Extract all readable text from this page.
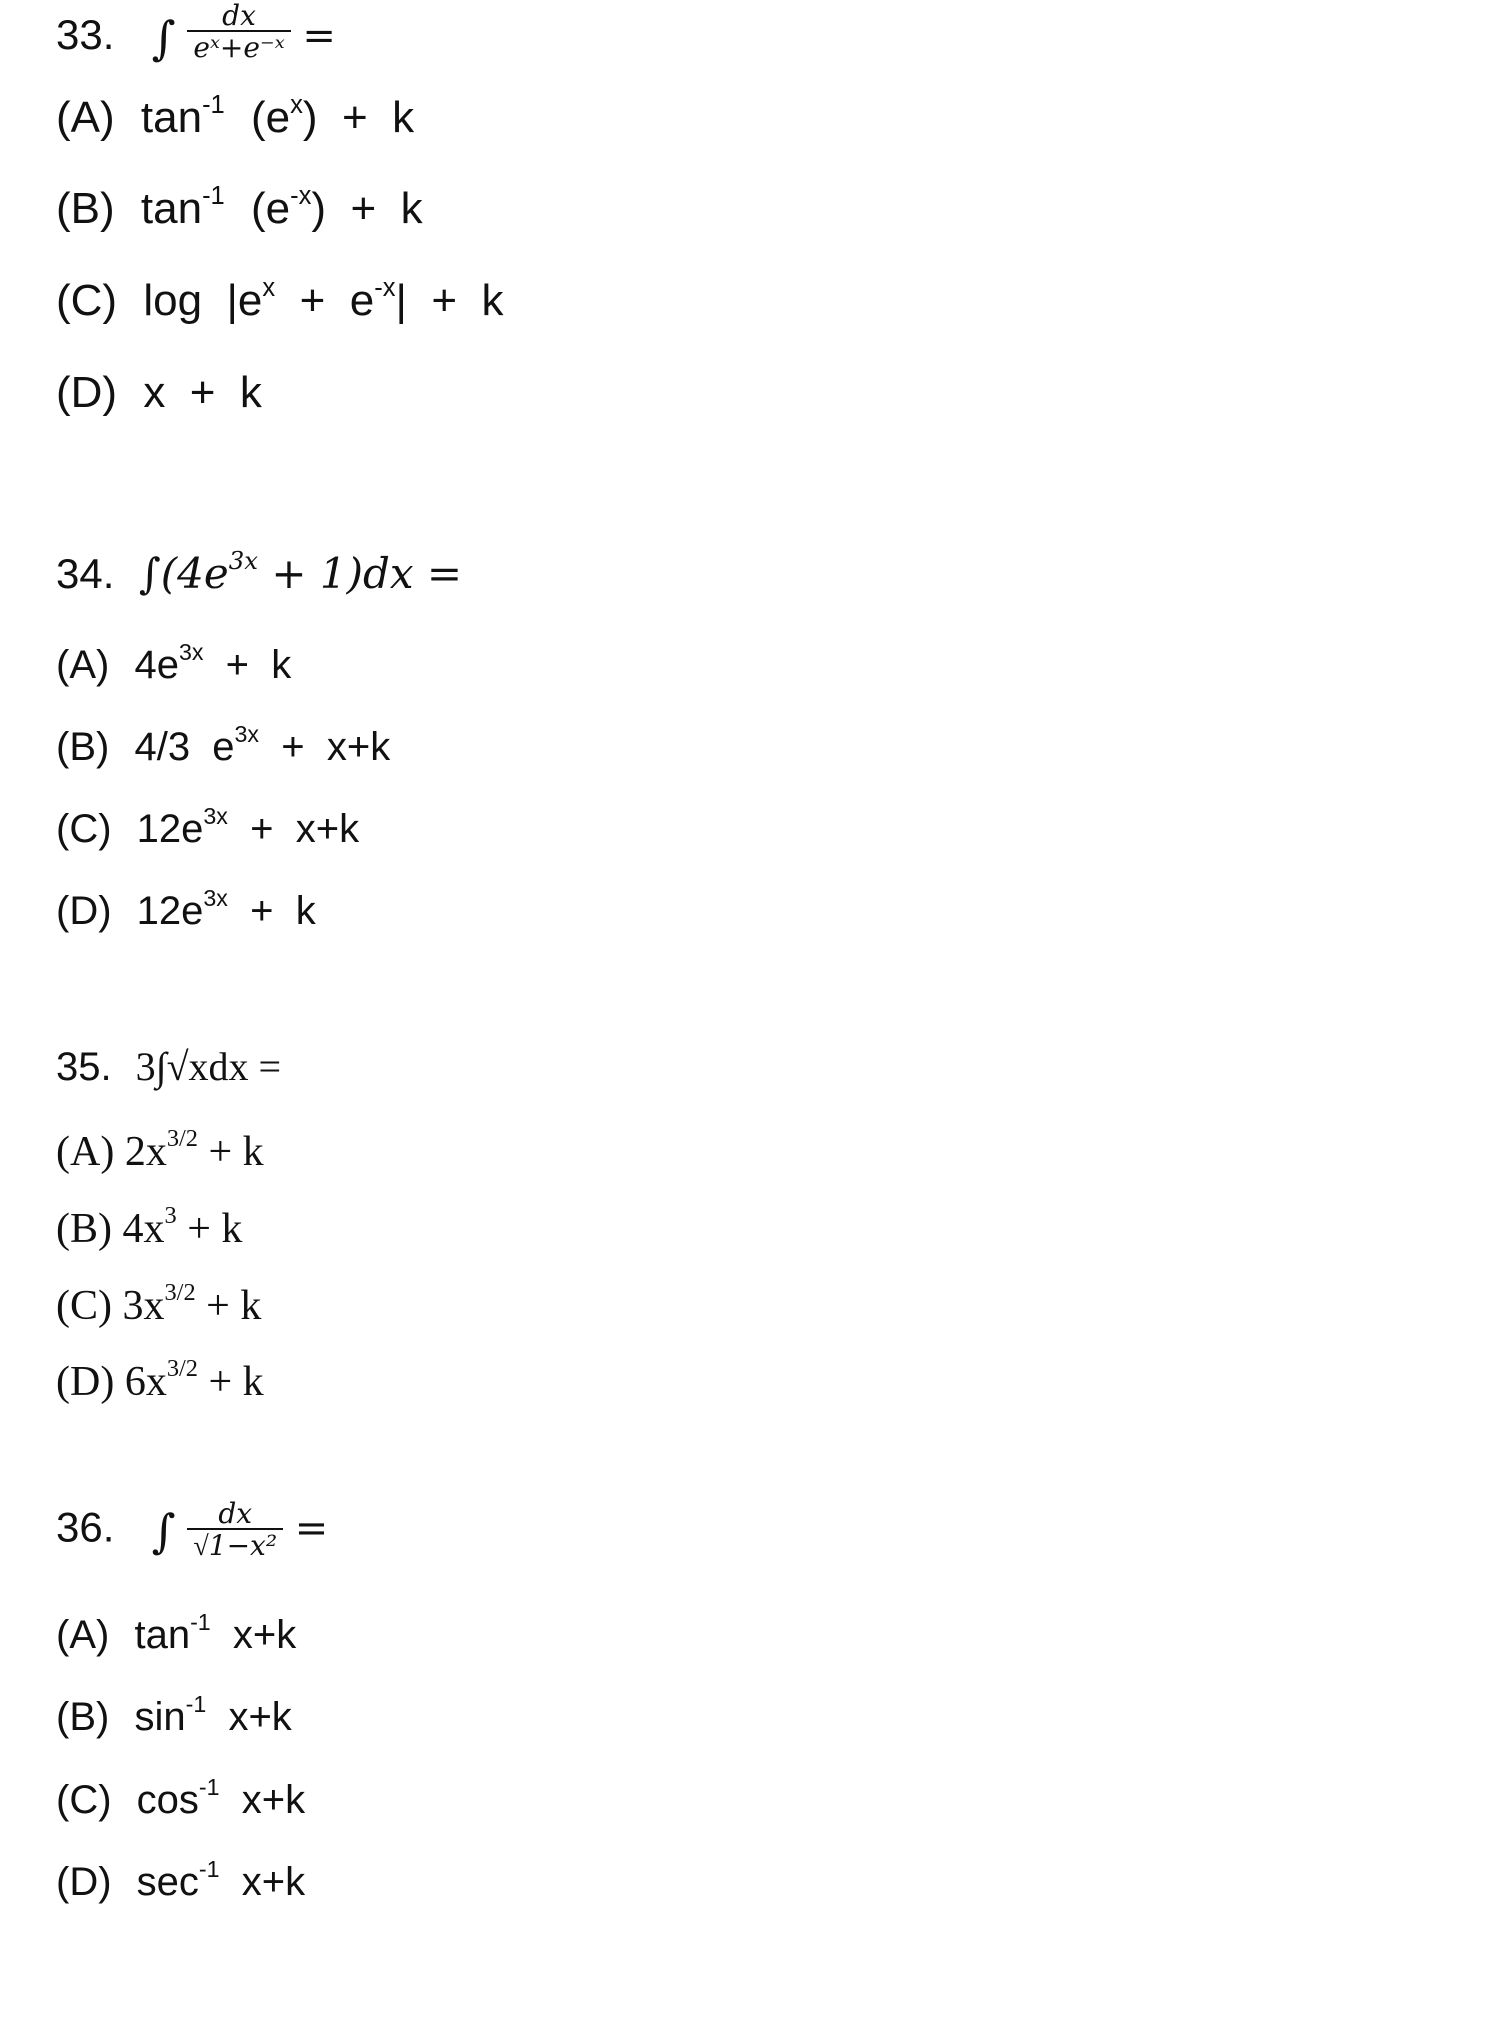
33. ∫ $\frac{dx}{\text{eˣ+e⁻ˣ}}$ =
(A) $\tan^{-1} (e^x) + k$
(B) $\tan^{-1} (e^{-x}) + k$
(C) $\log |e^x + e^{-x}| + k$
(D) x  +  k
34. $\int(4e^{3x} + 1)dx$ =
(A) $4e^{3x} + k$
(B) 4/3  $e^{3x} + x+k$
(C) $12e^{3x} + x+k$
(D) $12e^{3x} + k$
35. 3∫√xdx =
(A) $2x^{3/2} + k$
(B) $4x^3 + k$
(C) $3x^{3/2} + k$
(D) $6x^{3/2} + k$
36. ∫ $\frac{dx}{\text{√1−x²}}$ =
(A) $\tan^{-1} x+k$
(B) $\sin^{-1} x+k$
(C) $\cos^{-1} x+k$
(D) $\sec^{-1} x+k$
